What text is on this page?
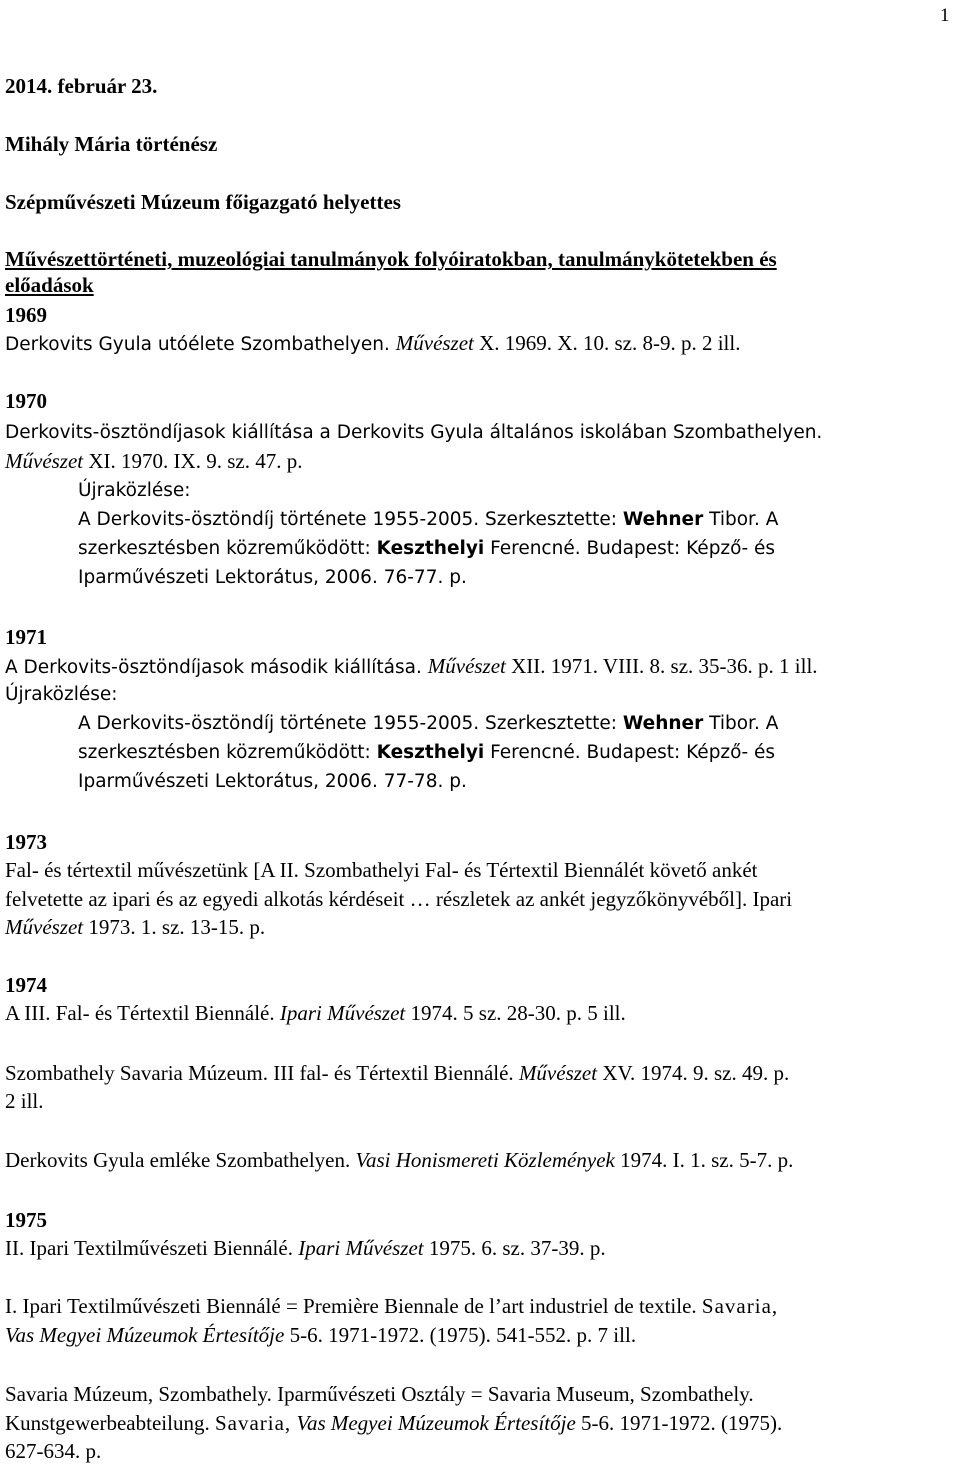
1
2014. február 23.
Mihály Mária történész
Szépművészeti Múzeum főigazgató helyettes
Művészettörténeti, muzeológiai tanulmányok folyóiratokban, tanulmánykötetekben és
előadások
1969
Derkovits Gyula utóélete Szombathelyen. Művészet X. 1969. X. 10. sz. 8-9. p. 2 ill.
1970
Derkovits-ösztöndíjasok kiállítása a Derkovits Gyula általános iskolában Szombathelyen.
Művészet XI. 1970. IX. 9. sz. 47. p.
Újraközlése:
A Derkovits-ösztöndíj története 1955-2005. Szerkesztette: Wehner Tibor. A
szerkesztésben közreműködött: Keszthelyi Ferencné. Budapest: Képző- és
Iparművészeti Lektorátus, 2006. 76-77. p.
1971
A Derkovits-ösztöndíjasok második kiállítása. Művészet XII. 1971. VIII. 8. sz. 35-36. p. 1 ill.
Újraközlése:
A Derkovits-ösztöndíj története 1955-2005. Szerkesztette: Wehner Tibor. A
szerkesztésben közreműködött: Keszthelyi Ferencné. Budapest: Képző- és
Iparművészeti Lektorátus, 2006. 77-78. p.
1973
Fal- és tértextil művészetünk [A II. Szombathelyi Fal- és Tértextil Biennálét követő ankét
felvetette az ipari és az egyedi alkotás kérdéseit … részletek az ankét jegyzőkönyvéből]. Ipari
Művészet 1973. 1. sz. 13-15. p.
1974
A III. Fal- és Tértextil Biennálé. Ipari Művészet 1974. 5 sz. 28-30. p. 5 ill.
Szombathely Savaria Múzeum. III fal- és Tértextil Biennálé. Művészet XV. 1974. 9. sz. 49. p.
2 ill.
Derkovits Gyula emléke Szombathelyen. Vasi Honismereti Közlemények 1974. I. 1. sz. 5-7. p.
1975
II. Ipari Textilművészeti Biennálé. Ipari Művészet 1975. 6. sz. 37-39. p.
I. Ipari Textilművészeti Biennálé = Première Biennale de l’art industriel de textile. Savaria,
Vas Megyei Múzeumok Értesítője 5-6. 1971-1972. (1975). 541-552. p. 7 ill.
Savaria Múzeum, Szombathely. Iparművészeti Osztály = Savaria Museum, Szombathely.
Kunstgewerbeabteilung. Savaria, Vas Megyei Múzeumok Értesítője 5-6. 1971-1972. (1975).
627-634. p.
